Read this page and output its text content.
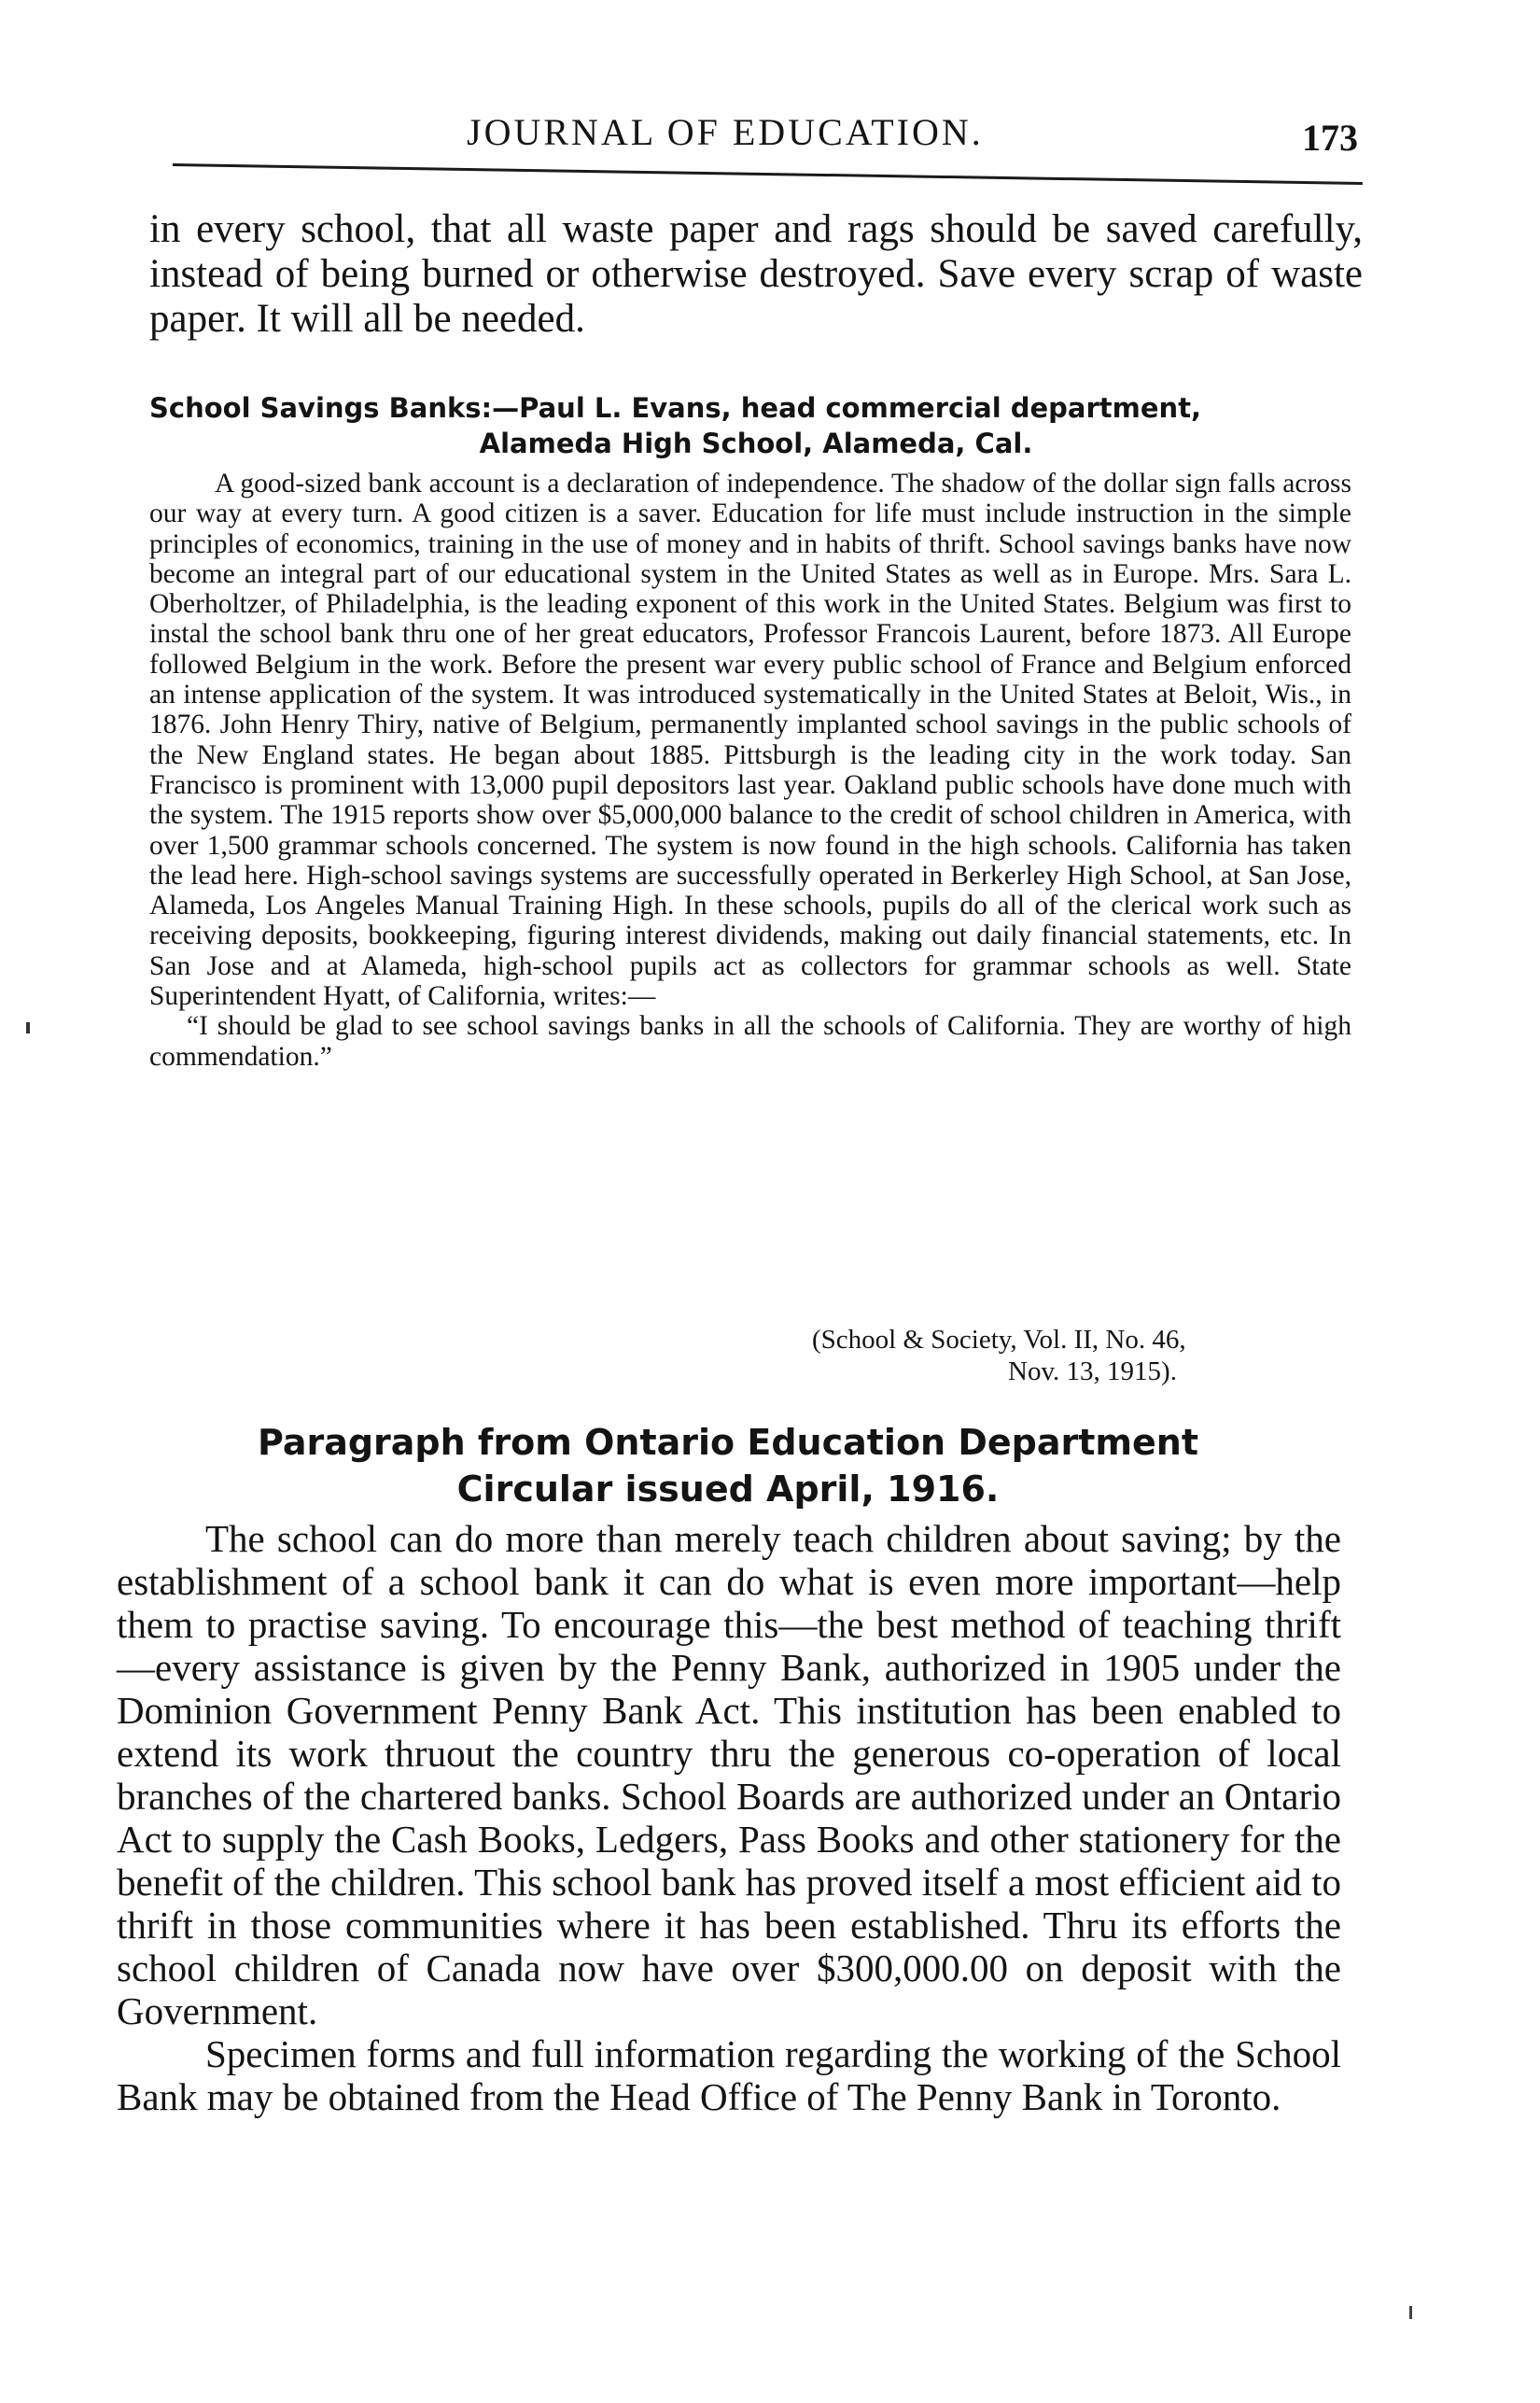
JOURNAL OF EDUCATION.	173
in every school, that all waste paper and rags should be saved carefully, instead of being burned or otherwise destroyed. Save every scrap of waste paper. It will all be needed.
School Savings Banks:—Paul L. Evans, head commercial department,
Alameda High School, Alameda, Cal.

A good-sized bank account is a declaration of independence. The shadow of the dollar sign falls across our way at every turn. A good citizen is a saver. Education for life must include instruction in the simple principles of economics, training in the use of money and in habits of thrift. School savings banks have now become an integral part of our educational system in the United States as well as in Europe. Mrs. Sara L. Oberholtzer, of Philadelphia, is the leading exponent of this work in the United States. Belgium was first to instal the school bank thru one of her great educators, Professor Francois Laurent, before 1873. All Europe followed Belgium in the work. Before the present war every public school of France and Belgium enforced an intense application of the system. It was introduced systematically in the United States at Beloit, Wis., in 1876. John Henry Thiry, native of Belgium, permanently implanted school savings in the public schools of the New England states. He began about 1885. Pittsburgh is the leading city in the work today. San Francisco is prominent with 13,000 pupil depositors last year. Oakland public schools have done much with the system. The 1915 reports show over $5,000,000 balance to the credit of school children in America, with over 1,500 grammar schools concerned. The system is now found in the high schools. California has taken the lead here. High-school savings systems are successfully operated in Berkerley High School, at San Jose, Alameda, Los Angeles Manual Training High. In these schools, pupils do all of the clerical work such as receiving deposits, bookkeeping, figuring interest dividends, making out daily financial statements, etc. In San Jose and at Alameda, high-school pupils act as collectors for grammar schools as well. State Superintendent Hyatt, of California, writes:—

“I should be glad to see school savings banks in all the schools of California. They are worthy of high commendation.”

(School & Society, Vol. II, No. 46,
Nov. 13, 1915).
Paragraph from Ontario Education Department
Circular issued April, 1916.

The school can do more than merely teach children about saving; by the establishment of a school bank it can do what is even more important—help them to practise saving. To encourage this—the best method of teaching thrift—every assistance is given by the Penny Bank, authorized in 1905 under the Dominion Government Penny Bank Act. This institution has been enabled to extend its work thruout the country thru the generous co-operation of local branches of the chartered banks. School Boards are authorized under an Ontario Act to supply the Cash Books, Ledgers, Pass Books and other stationery for the benefit of the children. This school bank has proved itself a most efficient aid to thrift in those communities where it has been established. Thru its efforts the school children of Canada now have over $300,000.00 on deposit with the Government.

Specimen forms and full information regarding the working of the School Bank may be obtained from the Head Office of The Penny Bank in Toronto.
